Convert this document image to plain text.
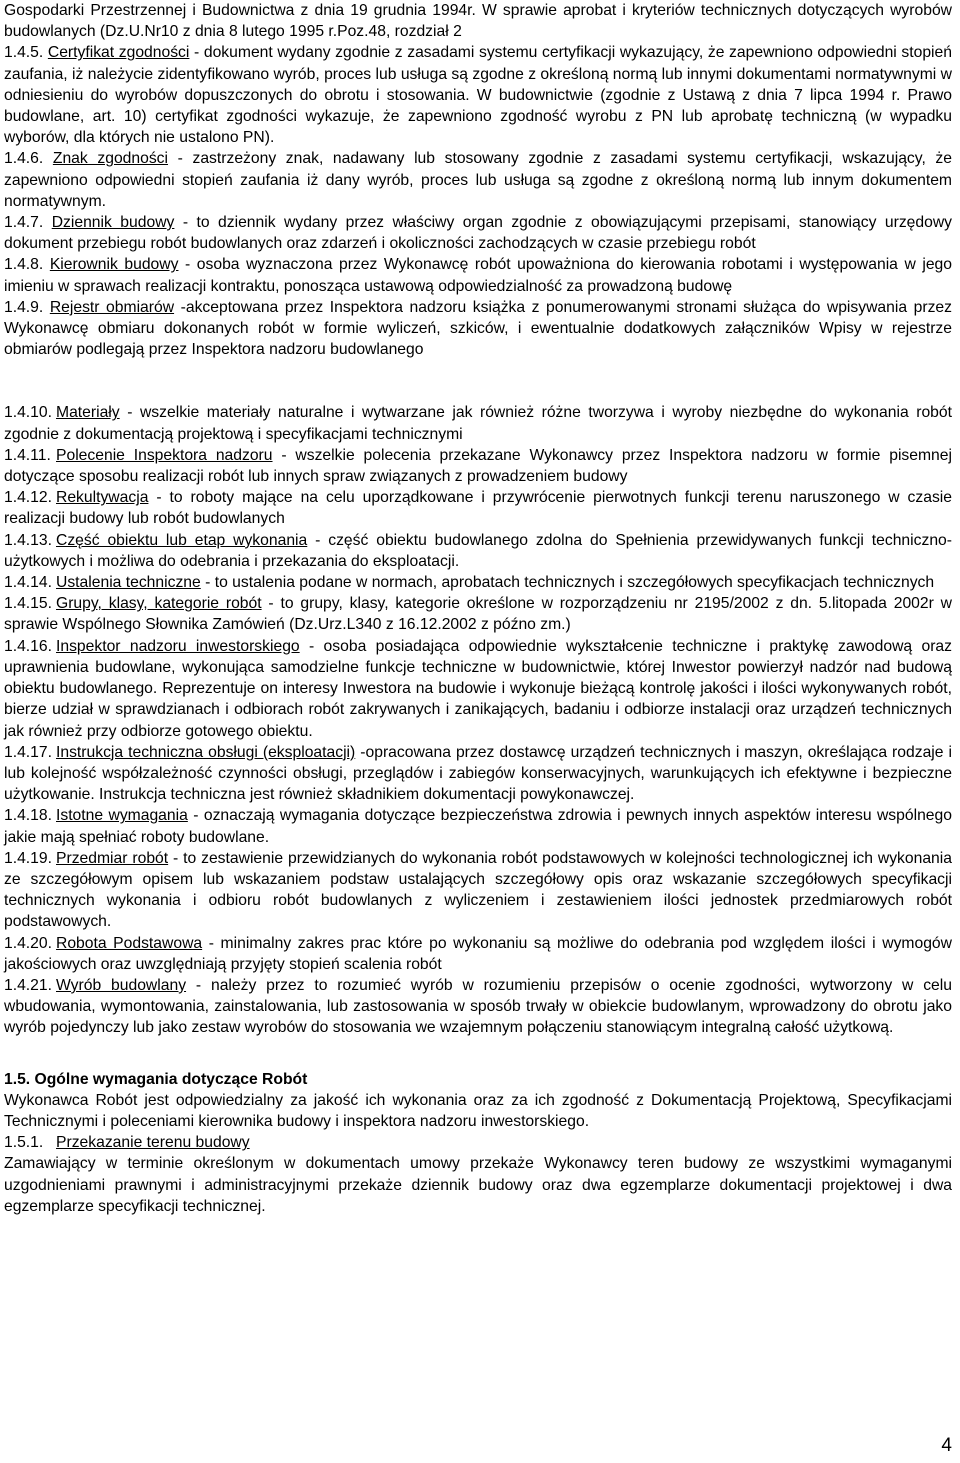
Gospodarki Przestrzennej i Budownictwa z dnia 19 grudnia 1994r. W sprawie aprobat i kryteriów technicznych dotyczących wyrobów budowlanych (Dz.U.Nr10 z dnia 8 lutego 1995 r.Poz.48, rozdział 2

1.4.5. Certyfikat zgodności - dokument wydany zgodnie z zasadami systemu certyfikacji wykazujący, że zapewniono odpowiedni stopień zaufania, iż należycie zidentyfikowano wyrób, proces lub usługa są zgodne z określoną normą lub innymi dokumentami normatywnymi w odniesieniu do wyrobów dopuszczonych do obrotu i stosowania. W budownictwie (zgodnie z Ustawą z dnia 7 lipca 1994 r. Prawo budowlane, art. 10) certyfikat zgodności wykazuje, że zapewniono zgodność wyrobu z PN lub aprobatę techniczną (w wypadku wyborów, dla których nie ustalono PN).

1.4.6. Znak zgodności - zastrzeżony znak, nadawany lub stosowany zgodnie z zasadami systemu certyfikacji, wskazujący, że zapewniono odpowiedni stopień zaufania iż dany wyrób, proces lub usługa są zgodne z określoną normą lub innym dokumentem normatywnym.

1.4.7. Dziennik budowy - to dziennik wydany przez właściwy organ zgodnie z obowiązującymi przepisami, stanowiący urzędowy dokument przebiegu robót budowlanych oraz zdarzeń i okoliczności zachodzących w czasie przebiegu robót

1.4.8. Kierownik budowy - osoba wyznaczona przez Wykonawcę robót upoważniona do kierowania robotami i występowania w jego imieniu w sprawach realizacji kontraktu, ponosząca ustawową odpowiedzialność za prowadzoną budowę

1.4.9. Rejestr obmiarów -akceptowana przez Inspektora nadzoru książka z ponumerowanymi stronami służąca do wpisywania przez Wykonawcę obmiaru dokonanych robót w formie wyliczeń, szkiców, i ewentualnie dodatkowych załączników Wpisy w rejestrze obmiarów podlegają przez Inspektora nadzoru budowlanego

1.4.10. Materiały - wszelkie materiały naturalne i wytwarzane jak również różne tworzywa i wyroby niezbędne do wykonania robót zgodnie z dokumentacją projektową i specyfikacjami technicznymi

1.4.11. Polecenie Inspektora nadzoru - wszelkie polecenia przekazane Wykonawcy przez Inspektora nadzoru w formie pisemnej dotyczące sposobu realizacji robót lub innych spraw związanych z prowadzeniem budowy

1.4.12. Rekultywacja - to roboty mające na celu uporządkowane i przywrócenie pierwotnych funkcji terenu naruszonego w czasie realizacji budowy lub robót budowlanych

1.4.13. Część obiektu lub etap wykonania - część obiektu budowlanego zdolna do Spełnienia przewidywanych funkcji techniczno-użytkowych i możliwa do odebrania i przekazania do eksploatacji.

1.4.14. Ustalenia techniczne - to ustalenia podane w normach, aprobatach technicznych i szczegółowych specyfikacjach technicznych

1.4.15. Grupy, klasy, kategorie robót - to grupy, klasy, kategorie określone w rozporządzeniu nr 2195/2002 z dn. 5.litopada 2002r w sprawie Wspólnego Słownika Zamówień (Dz.Urz.L340 z 16.12.2002 z późno zm.)

1.4.16. Inspektor nadzoru inwestorskiego - osoba posiadająca odpowiednie wykształcenie techniczne i praktykę zawodową oraz uprawnienia budowlane, wykonująca samodzielne funkcje techniczne w budownictwie, której Inwestor powierzył nadzór nad budową obiektu budowlanego. Reprezentuje on interesy Inwestora na budowie i wykonuje bieżącą kontrolę jakości i ilości wykonywanych robót, bierze udział w sprawdzianach i odbiorach robót zakrywanych i zanikających, badaniu i odbiorze instalacji oraz urządzeń technicznych jak również przy odbiorze gotowego obiektu.

1.4.17. Instrukcja techniczna obsługi (eksploatacji) -opracowana przez dostawcę urządzeń technicznych i maszyn, określająca rodzaje i lub kolejność współzależność czynności obsługi, przeglądów i zabiegów konserwacyjnych, warunkujących ich efektywne i bezpieczne użytkowanie. Instrukcja techniczna jest również składnikiem dokumentacji powykonawczej.

1.4.18. Istotne wymagania - oznaczają wymagania dotyczące bezpieczeństwa zdrowia i pewnych innych aspektów interesu wspólnego jakie mają spełniać roboty budowlane.

1.4.19. Przedmiar robót - to zestawienie przewidzianych do wykonania robót podstawowych w kolejności technologicznej ich wykonania ze szczegółowym opisem lub wskazaniem podstaw ustalających szczegółowy opis oraz wskazanie szczegółowych specyfikacji technicznych wykonania i odbioru robót budowlanych z wyliczeniem i zestawieniem ilości jednostek przedmiarowych robót podstawowych.

1.4.20. Robota Podstawowa - minimalny zakres prac które po wykonaniu są możliwe do odebrania pod względem ilości i wymogów jakościowych oraz uwzględniają przyjęty stopień scalenia robót

1.4.21. Wyrób budowlany - należy przez to rozumieć wyrób w rozumieniu przepisów o ocenie zgodności, wytworzony w celu wbudowania, wymontowania, zainstalowania, lub zastosowania w sposób trwały w obiekcie budowlanym, wprowadzony do obrotu jako wyrób pojedynczy lub jako zestaw wyrobów do stosowania we wzajemnym połączeniu stanowiącym integralną całość użytkową.

1.5. Ogólne wymagania dotyczące Robót

Wykonawca Robót jest odpowiedzialny za jakość ich wykonania oraz za ich zgodność z Dokumentacją Projektową, Specyfikacjami Technicznymi i poleceniami kierownika budowy i inspektora nadzoru inwestorskiego.

1.5.1. Przekazanie terenu budowy

Zamawiający w terminie określonym w dokumentach umowy przekaże Wykonawcy teren budowy ze wszystkimi wymaganymi uzgodnieniami prawnymi i administracyjnymi przekaże dziennik budowy oraz dwa egzemplarze dokumentacji projektowej i dwa egzemplarze specyfikacji technicznej.

4
